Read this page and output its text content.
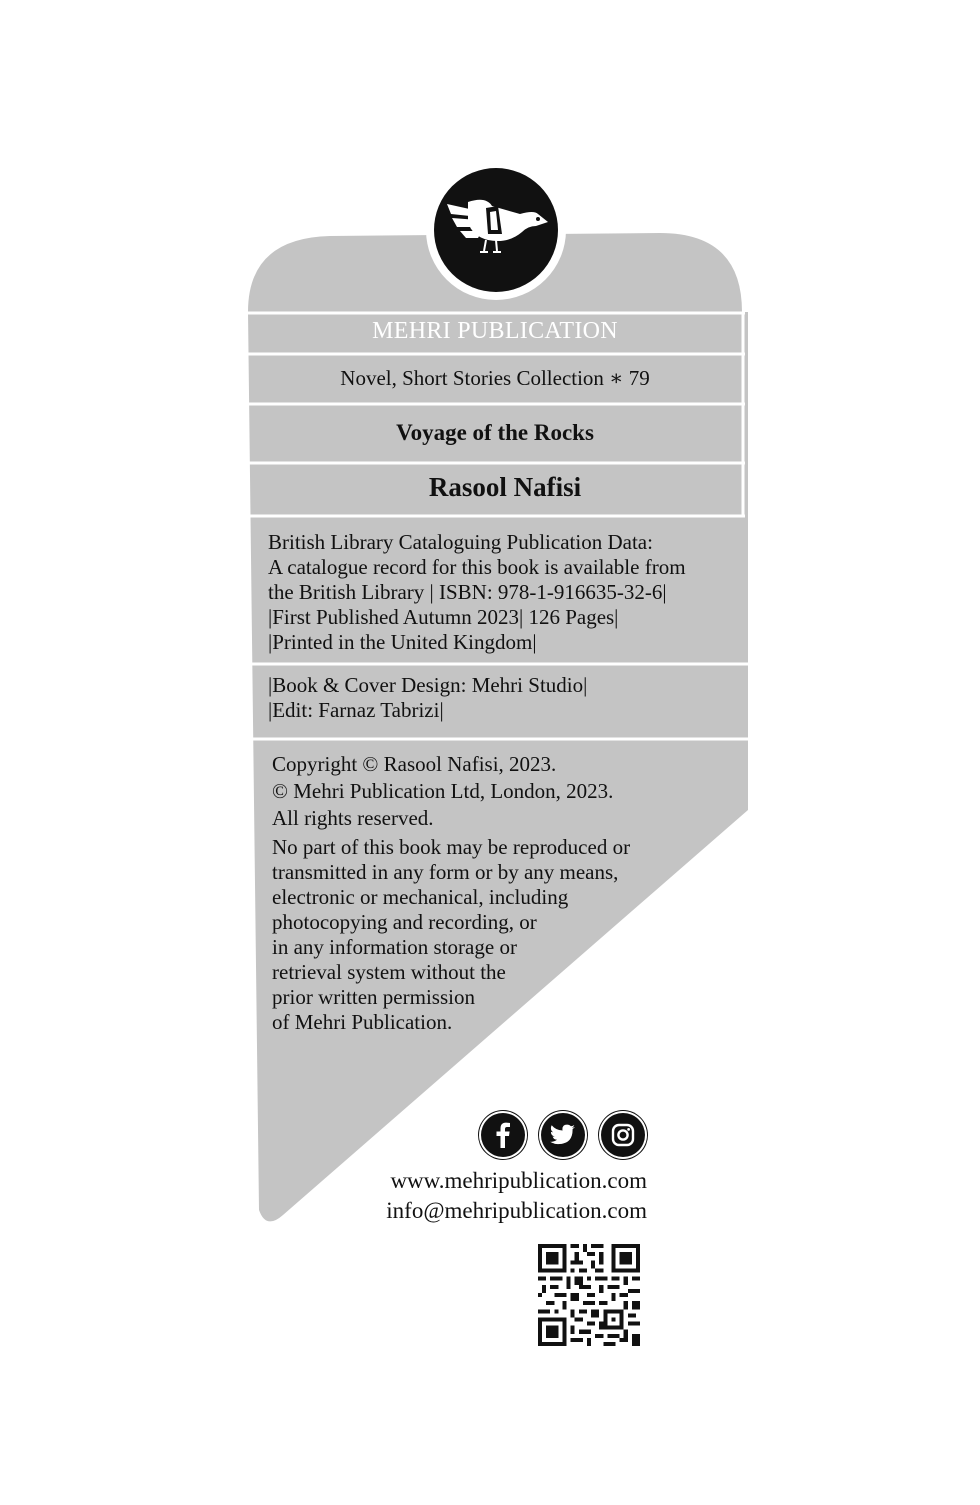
MEHRI PUBLICATION
Novel, Short Stories Collection ∗ 79
Voyage of the Rocks
Rasool Nafisi
British Library Cataloguing Publication Data:
A catalogue record for this book is available from
the British Library | ISBN: 978-1-916635-32-6|
|First Published Autumn 2023| 126 Pages|
|Printed in the United Kingdom|
|Book & Cover Design: Mehri Studio|
|Edit: Farnaz Tabrizi|
Copyright © Rasool Nafisi, 2023.
© Mehri Publication Ltd, London, 2023.
All rights reserved.
No part of this book may be reproduced or
transmitted in any form or by any means,
electronic or mechanical, including
photocopying and recording, or
in any information storage or
retrieval system without the
prior written permission
of Mehri Publication.
www.mehripublication.com
info@mehripublication.com
